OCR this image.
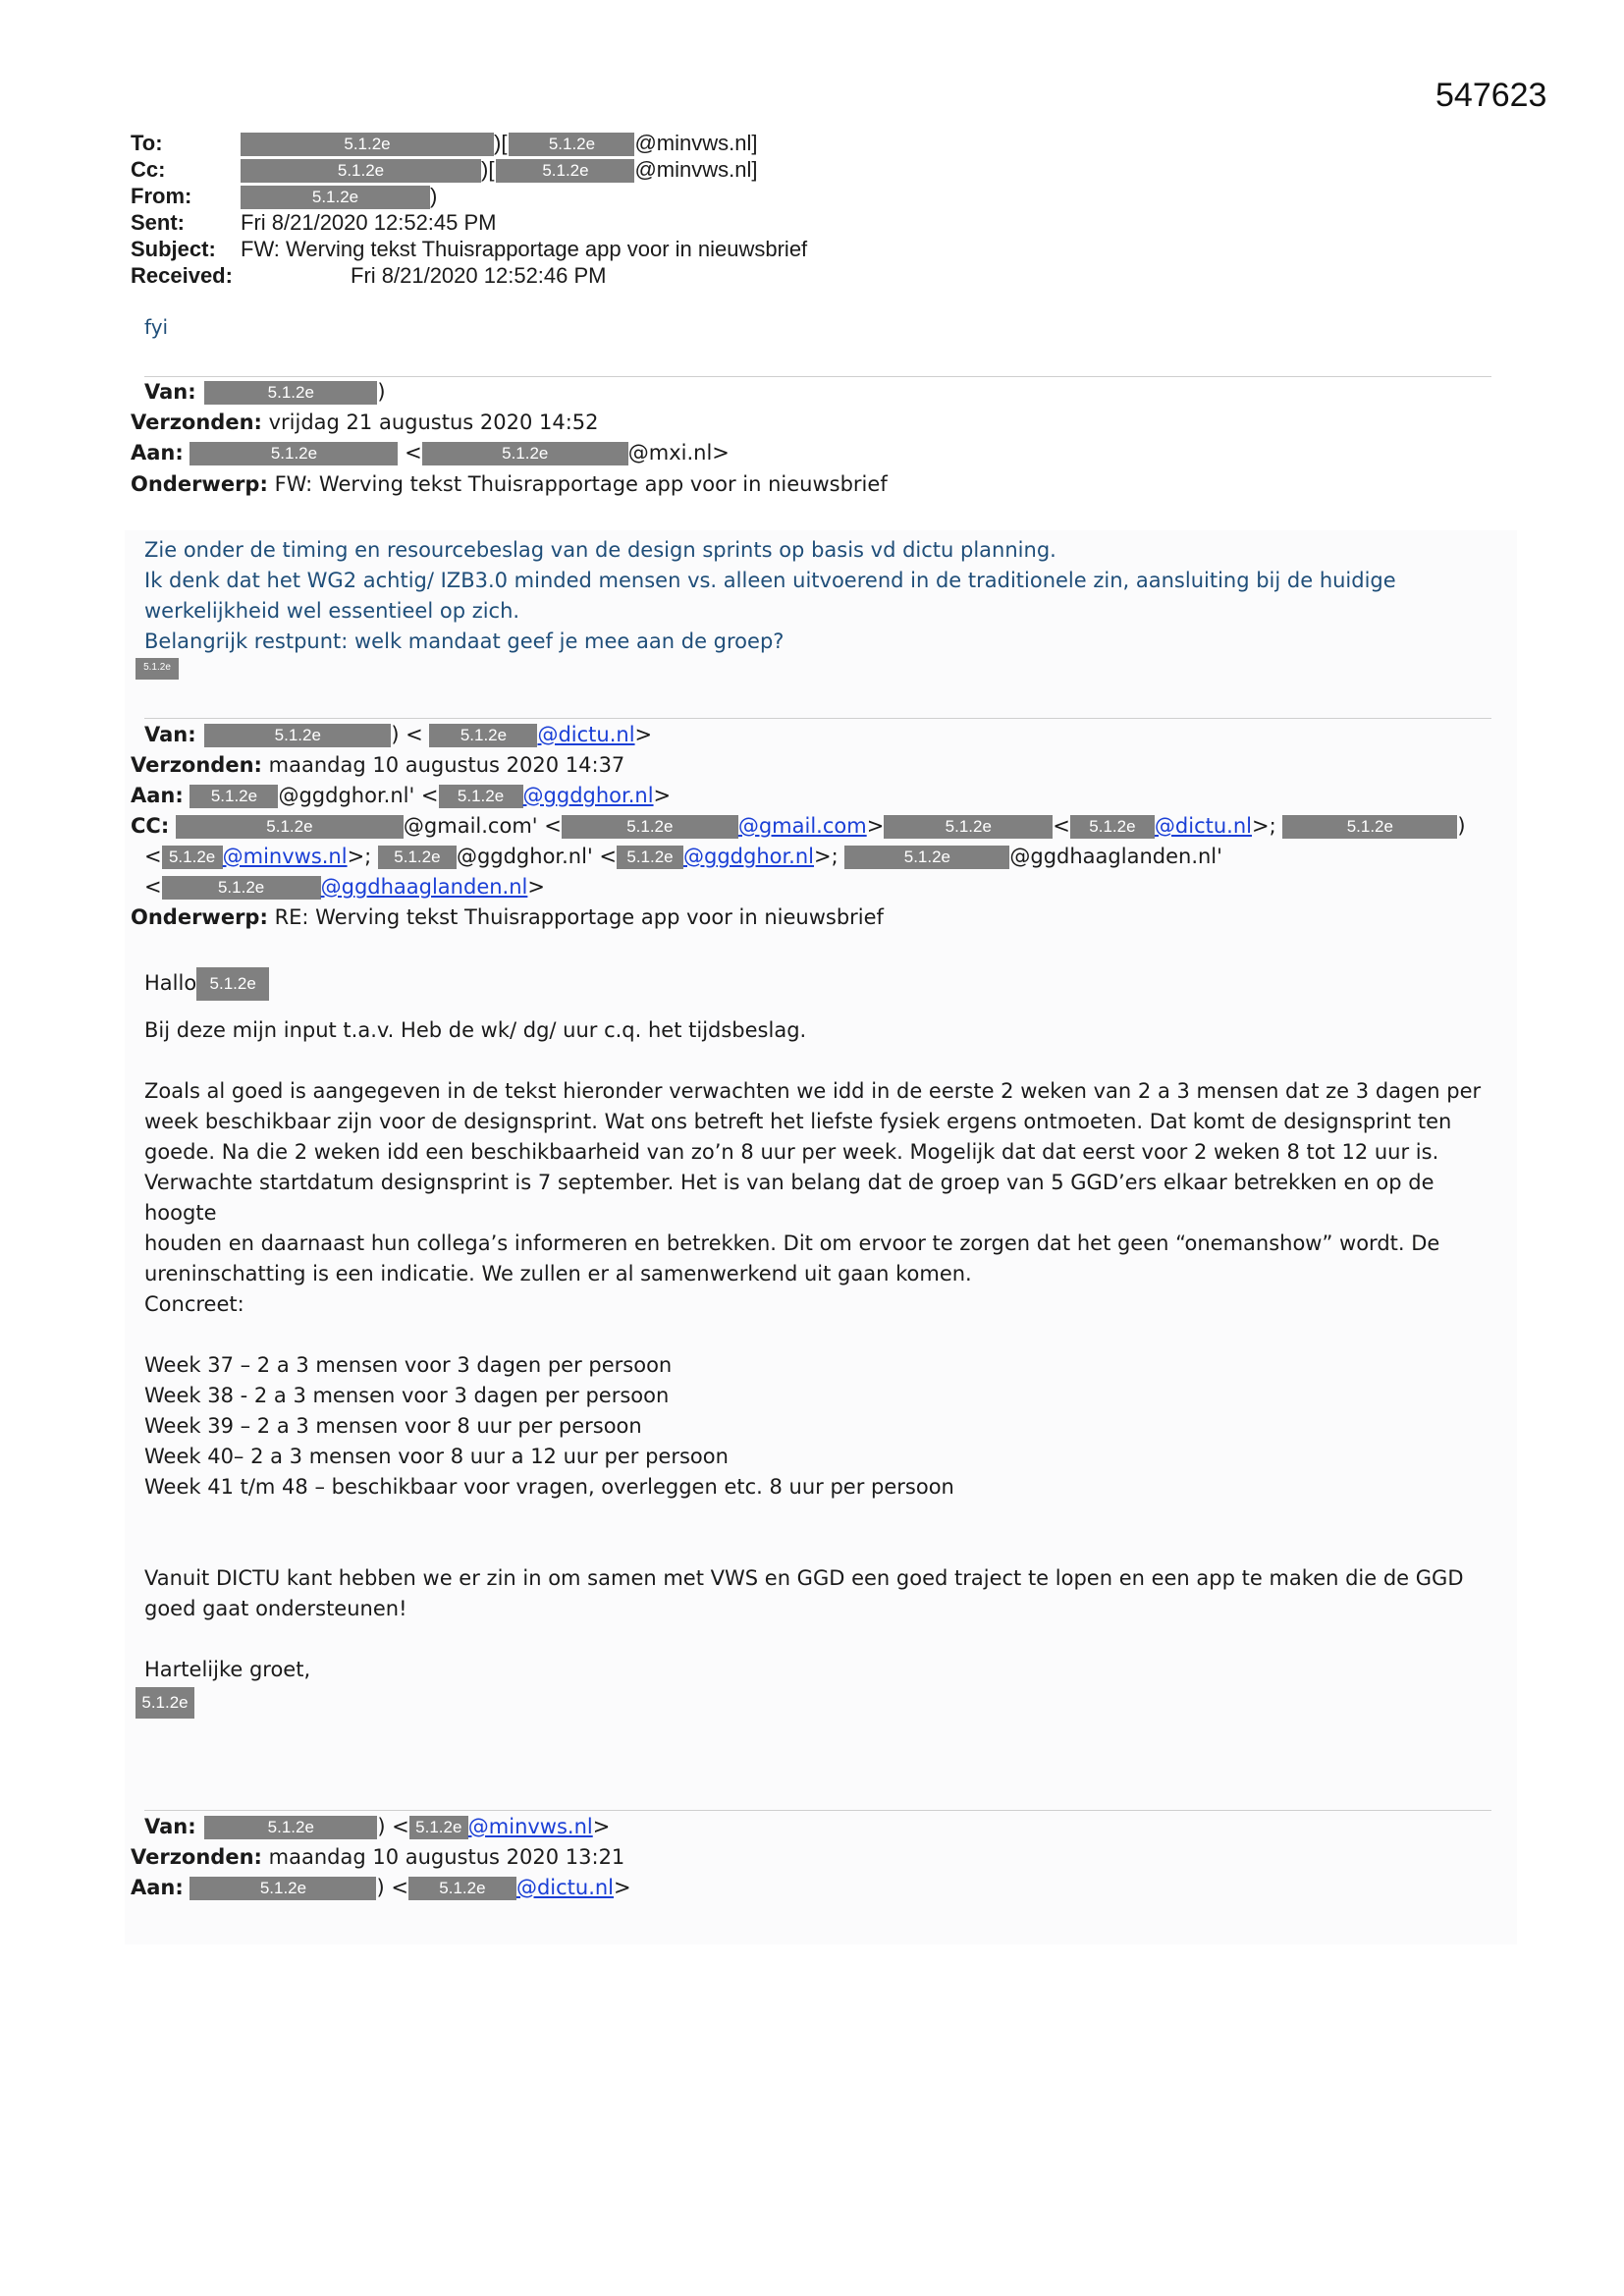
547623
To:	5.1.2e	)[ 5.1.2e @minvws.nl]
Cc:	5.1.2e	)[	5.1.2e @minvws.nl]
From:	5.1.2e	)
Sent:	Fri 8/21/2020 12:52:45 PM
Subject: FW: Werving tekst Thuisrapportage app voor in nieuwsbrief
Received:	Fri 8/21/2020 12:52:46 PM
fyi
Van:	5.1.2e	)
Verzonden: vrijdag 21 augustus 2020 14:52
Aan:	5.1.2e	<	5.1.2e	@mxi.nl>
Onderwerp: FW: Werving tekst Thuisrapportage app voor in nieuwsbrief

Zie onder de timing en resourcebeslag van de design sprints op basis vd dictu planning.

Ik denk dat het WG2 achtig/ IZB3.0 minded mensen vs. alleen uitvoerend in de traditionele zin, aansluiting bij de huidige

werkelijkheid wel essentieel op zich.

Belangrijk restpunt: welk mandaat geef je mee aan de groep?

5.1.2e
Van:	5.1.2e	) < 5.1.2e @dictu.nl>
Verzonden: maandag 10 augustus 2020 14:37
Aan: 5.1.2e @ggdghor.nl' < 5.1.2e @ggdghor.nl>
CC:	5.1.2e	@gmail.com' <	5.1.2e	@gmail.com>	5.1.2e	< 5.1.2e @dictu.nl>;	5.1.2e	)
< 5.1.2e @minvws.nl>; 5.1.2e @ggdghor.nl' < 5.1.2e @ggdghor.nl>;	5.1.2e	@ggdhaaglanden.nl'
<	5.1.2e	@ggdhaaglanden.nl>
Onderwerp: RE: Werving tekst Thuisrapportage app voor in nieuwsbrief
Hallo 5.1.2e

Bij deze mijn input t.a.v. Heb de wk/ dg/ uur c.q. het tijdsbeslag.

Zoals al goed is aangegeven in de tekst hieronder verwachten we idd in de eerste 2 weken van 2 a 3 mensen dat ze 3 dagen per

week beschikbaar zijn voor de designsprint. Wat ons betreft het liefste fysiek ergens ontmoeten. Dat komt de designsprint ten

goede. Na die 2 weken idd een beschikbaarheid van zo’n 8 uur per week. Mogelijk dat dat eerst voor 2 weken 8 tot 12 uur is.

Verwachte startdatum designsprint is 7 september. Het is van belang dat de groep van 5 GGD’ers elkaar betrekken en op de hoogte

houden en daarnaast hun collega’s informeren en betrekken. Dit om ervoor te zorgen dat het geen “onemanshow” wordt. De

ureninschatting is een indicatie. We zullen er al samenwerkend uit gaan komen.

Concreet:

Week 37 – 2 a 3 mensen voor 3 dagen per persoon

Week 38 - 2 a 3 mensen voor 3 dagen per persoon

Week 39 – 2 a 3 mensen voor 8 uur per persoon

Week 40– 2 a 3 mensen voor 8 uur a 12 uur per persoon

Week 41 t/m 48 – beschikbaar voor vragen, overleggen etc. 8 uur per persoon

Vanuit DICTU kant hebben we er zin in om samen met VWS en GGD een goed traject te lopen en een app te maken die de GGD

goed gaat ondersteunen!

Hartelijke groet,

5.1.2e
Van:	5.1.2e	) < 5.1.2e @minvws.nl>
Verzonden: maandag 10 augustus 2020 13:21
Aan:	5.1.2e	) < 5.1.2e @dictu.nl>
